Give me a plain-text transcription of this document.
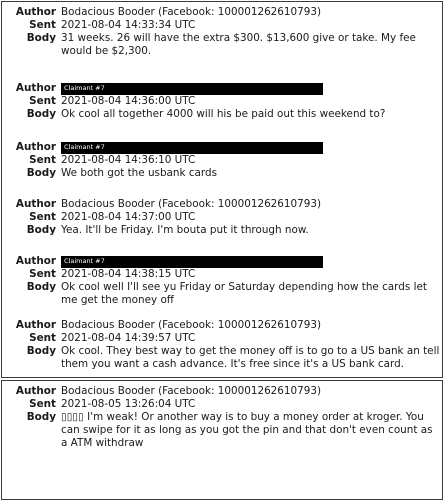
Author Bodacious Booder (Facebook: 100001262610793)
Sent 2021-08-04 14:33:34 UTC
Body 31 weeks. 26 will have the extra $300. $13,600 give or take. My fee would be $2,300.
Author	Claimant #7
Sent 2021-08-04 14:36:00 UTC
Body Ok cool all together 4000 will his be paid out this weekend to?
Author	Claimant #7
Sent 2021-08-04 14:36:10 UTC
Body We both got the usbank cards
Author Bodacious Booder (Facebook: 100001262610793)
Sent 2021-08-04 14:37:00 UTC
Body Yea. It'll be Friday. I'm bouta put it through now.
Author	Claimant #7
Sent 2021-08-04 14:38:15 UTC
Body Ok cool well I'll see yu Friday or Saturday depending how the cards let me get the money off
Author Bodacious Booder (Facebook: 100001262610793)
Sent 2021-08-04 14:39:57 UTC
Body Ok cool. They best way to get the money off is to go to a US bank an tell them you want a cash advance. It's free since it's a US bank card.
Author Bodacious Booder (Facebook: 100001262610793)
Sent 2021-08-05 13:26:04 UTC
Body ▯▯▯▯ I'm weak! Or another way is to buy a money order at kroger. You can swipe for it as long as you got the pin and that don't even count as a ATM withdraw
